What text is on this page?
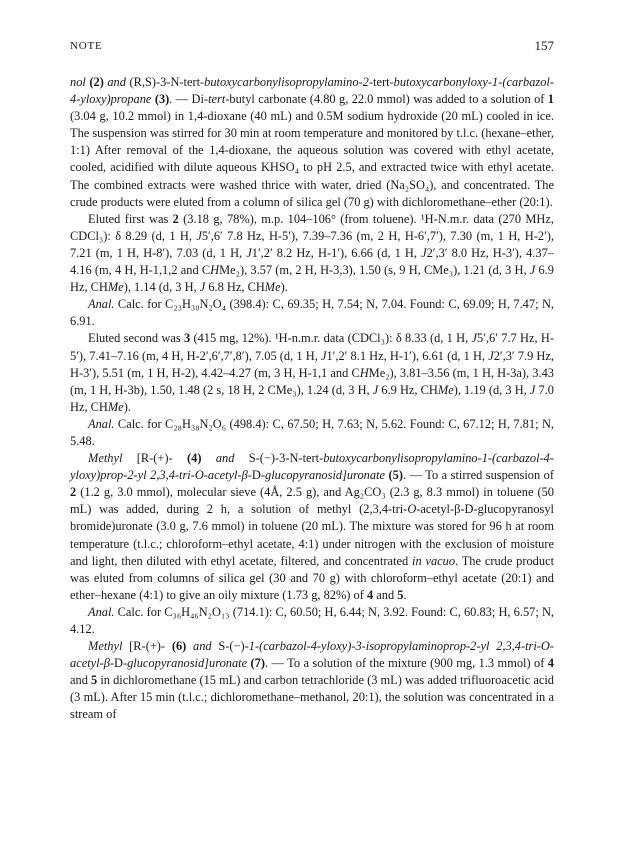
NOTE	157

nol (2) and (R,S)-3-N-tert-butoxycarbonylisopropylamino-2-tert-butoxycarbonyloxy-1-(carbazol-4-yloxy)propane (3). — Di-tert-butyl carbonate (4.80 g, 22.0 mmol) was added to a solution of 1 (3.04 g, 10.2 mmol) in 1,4-dioxane (40 mL) and 0.5M sodium hydroxide (20 mL) cooled in ice. The suspension was stirred for 30 min at room temperature and monitored by t.l.c. (hexane–ether, 1:1) After removal of the 1,4-dioxane, the aqueous solution was covered with ethyl acetate, cooled, acidified with dilute aqueous KHSO₄ to pH 2.5, and extracted twice with ethyl acetate. The combined extracts were washed thrice with water, dried (Na₂SO₄), and concentrated. The crude products were eluted from a column of silica gel (70 g) with dichloromethane–ether (20:1).

Eluted first was 2 (3.18 g, 78%), m.p. 104–106° (from toluene). ¹H-N.m.r. data (270 MHz, CDCl₃): δ 8.29 (d, 1 H, J5′,6′ 7.8 Hz, H-5′), 7.39–7.36 (m, 2 H, H-6′,7′), 7.30 (m, 1 H, H-2′), 7.21 (m, 1 H, H-8′), 7.03 (d, 1 H, J1′,2′ 8.2 Hz, H-1′), 6.66 (d, 1 H, J2′,3′ 8.0 Hz, H-3′), 4.37–4.16 (m, 4 H, H-1,1,2 and CHMe₂), 3.57 (m, 2 H, H-3,3), 1.50 (s, 9 H, CMe₃), 1.21 (d, 3 H, J 6.9 Hz, CHMe), 1.14 (d, 3 H, J 6.8 Hz, CHMe).

Anal. Calc. for C₂₃H₃₀N₂O₄ (398.4): C, 69.35; H, 7.54; N, 7.04. Found: C, 69.09; H, 7.47; N, 6.91.

Eluted second was 3 (415 mg, 12%). ¹H-n.m.r. data (CDCl₃): δ 8.33 (d, 1 H, J5′,6′ 7.7 Hz, H-5′), 7.41–7.16 (m, 4 H, H-2′,6′,7′,8′), 7.05 (d, 1 H, J1′,2′ 8.1 Hz, H-1′), 6.61 (d, 1 H, J2′,3′ 7.9 Hz, H-3′), 5.51 (m, 1 H, H-2), 4.42–4.27 (m, 3 H, H-1,1 and CHMe₂), 3.81–3.56 (m, 1 H, H-3a), 3.43 (m, 1 H, H-3b), 1.50, 1.48 (2 s, 18 H, 2 CMe₃), 1.24 (d, 3 H, J 6.9 Hz, CHMe), 1.19 (d, 3 H, J 7.0 Hz, CHMe).

Anal. Calc. for C₂₈H₃₈N₂O₆ (498.4): C, 67.50; H, 7.63; N, 5.62. Found: C, 67.12; H, 7.81; N, 5.48.

Methyl [R-(+)- (4) and S-(−)-3-N-tert-butoxycarbonylisopropylamino-1-(carbazol-4-yloxy)prop-2-yl 2,3,4-tri-O-acetyl-β-D-glucopyranosid]uronate (5). — To a stirred suspension of 2 (1.2 g, 3.0 mmol), molecular sieve (4Å, 2.5 g), and Ag₂CO₃ (2.3 g, 8.3 mmol) in toluene (50 mL) was added, during 2 h, a solution of methyl (2,3,4-tri-O-acetyl-β-D-glucopyranosyl bromide)uronate (3.0 g, 7.6 mmol) in toluene (20 mL). The mixture was stored for 96 h at room temperature (t.l.c.; chloroform–ethyl acetate, 4:1) under nitrogen with the exclusion of moisture and light, then diluted with ethyl acetate, filtered, and concentrated in vacuo. The crude product was eluted from columns of silica gel (30 and 70 g) with chloroform–ethyl acetate (20:1) and ether–hexane (4:1) to give an oily mixture (1.73 g, 82%) of 4 and 5.

Anal. Calc. for C₃₆H₄₆N₂O₁₃ (714.1): C, 60.50; H, 6.44; N, 3.92. Found: C, 60.83; H, 6.57; N, 4.12.

Methyl [R-(+)- (6) and S-(−)-1-(carbazol-4-yloxy)-3-isopropylaminoprop-2-yl 2,3,4-tri-O-acetyl-β-D-glucopyranosid]uronate (7). — To a solution of the mixture (900 mg, 1.3 mmol) of 4 and 5 in dichloromethane (15 mL) and carbon tetrachloride (3 mL) was added trifluoroacetic acid (3 mL). After 15 min (t.l.c.; dichloromethane–methanol, 20:1), the solution was concentrated in a stream of
